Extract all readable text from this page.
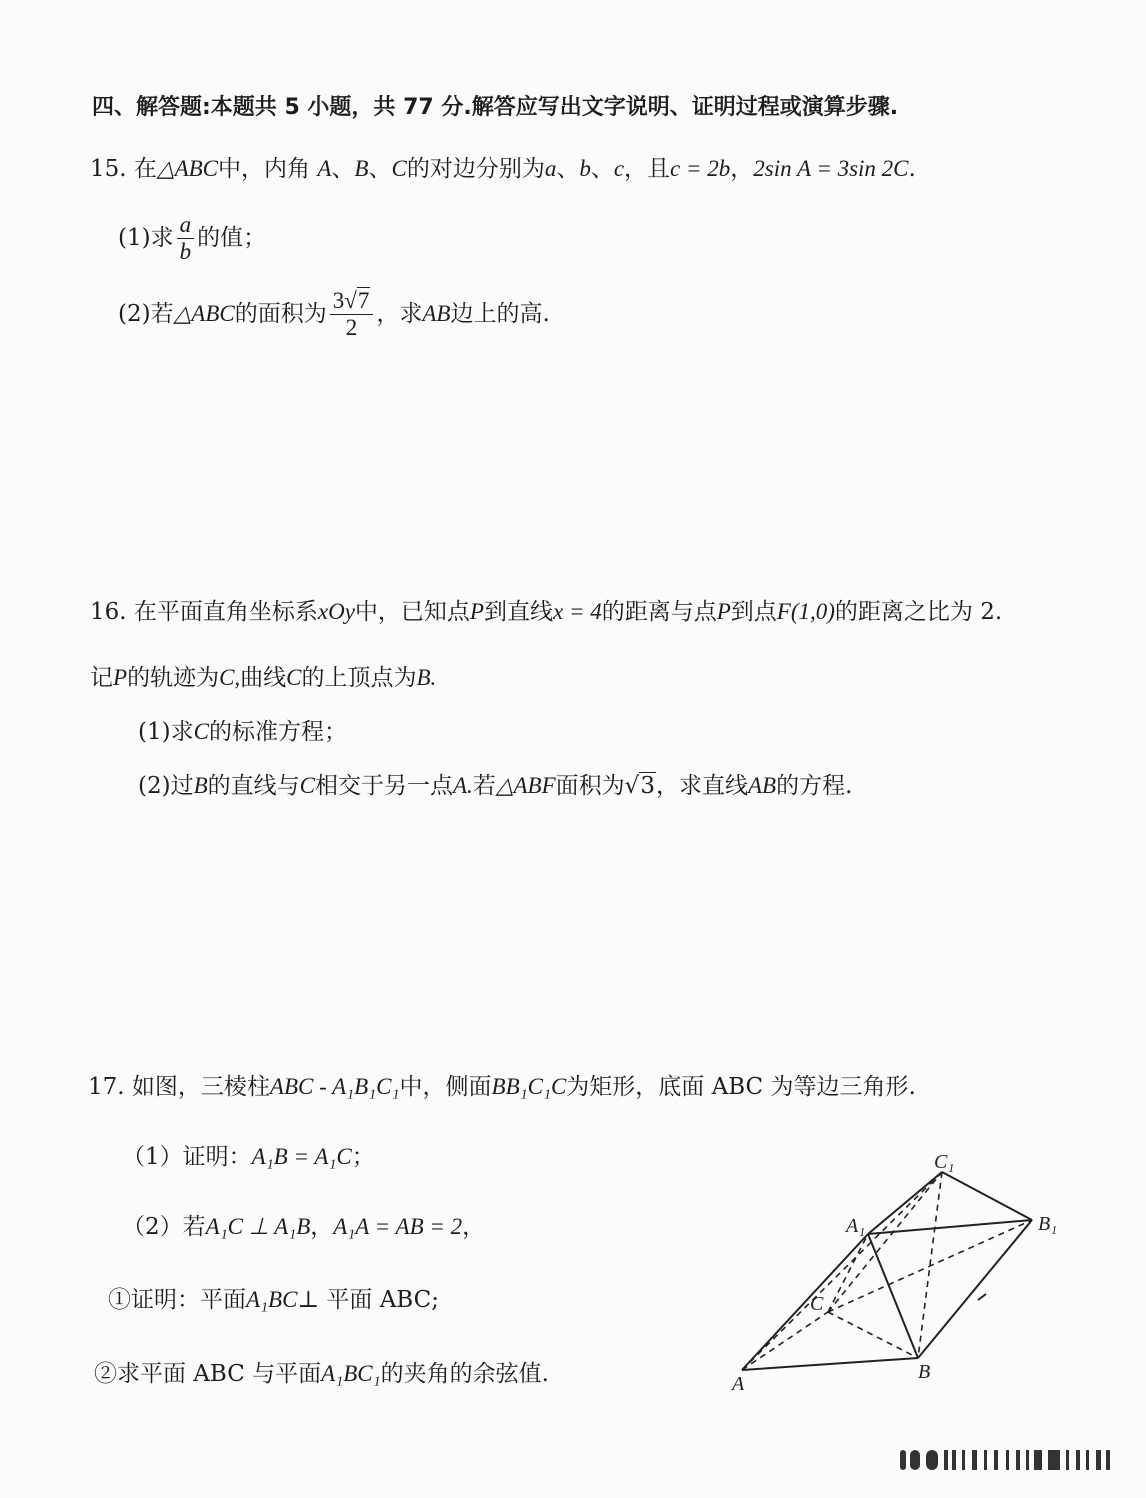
四、解答题:本题共 5 小题，共 77 分.解答应写出文字说明、证明过程或演算步骤.
15. 在△ABC中，内角 A、B、C的对边分别为a、b、c，且c = 2b，2sin A = 3sin 2C.
(1)求 $\frac{a}{b}$ 的值；
(2)若△ABC的面积为 $\frac{3√7}{2}$ ，求AB边上的高.
16. 在平面直角坐标系xOy中，已知点P到直线x = 4的距离与点P到点F(1,0)的距离之比为 2.
记P的轨迹为C,曲线C的上顶点为B.
(1)求C的标准方程；
(2)过B的直线与C相交于另一点A.若△ABF面积为√3，求直线AB的方程.
17. 如图，三棱柱ABC - A₁B₁C₁中，侧面BB₁C₁C为矩形，底面 ABC 为等边三角形.
（1）证明：A₁B = A₁C；
（2）若A₁C ⊥ A₁B，A₁A = AB = 2，
①证明：平面A₁BC⊥ 平面 ABC;
②求平面 ABC 与平面A₁BC₁的夹角的余弦值.
C₁
A₁	B₁
C
A
B
